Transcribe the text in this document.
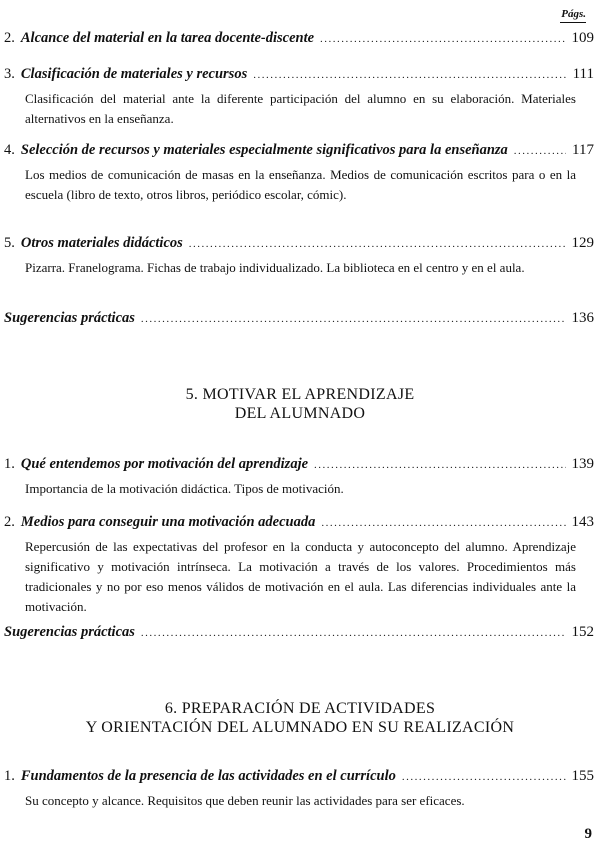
Págs.
2. Alcance del material en la tarea docente-discente .....	109
3. Clasificación de materiales y recursos .....	111
Clasificación del material ante la diferente participación del alumno en su elaboración. Materiales alternativos en la enseñanza.
4. Selección de recursos y materiales especialmente significativos para la enseñanza .....	117
Los medios de comunicación de masas en la enseñanza. Medios de comunicación escritos para o en la escuela (libro de texto, otros libros, periódico escolar, cómic).
5. Otros materiales didácticos .....	129
Pizarra. Franelograma. Fichas de trabajo individualizado. La biblioteca en el centro y en el aula.
Sugerencias prácticas .....	136
5. MOTIVAR EL APRENDIZAJE
DEL ALUMNADO
1. Qué entendemos por motivación del aprendizaje .....	139
Importancia de la motivación didáctica. Tipos de motivación.
2. Medios para conseguir una motivación adecuada .....	143
Repercusión de las expectativas del profesor en la conducta y autoconcepto del alumno. Aprendizaje significativo y motivación intrínseca. La motivación a través de los valores. Procedimientos más tradicionales y no por eso menos válidos de motivación en el aula. Las diferencias individuales ante la motivación.
Sugerencias prácticas .....	152
6. PREPARACIÓN DE ACTIVIDADES
Y ORIENTACIÓN DEL ALUMNADO EN SU REALIZACIÓN
1. Fundamentos de la presencia de las actividades en el currículo .....	155
Su concepto y alcance. Requisitos que deben reunir las actividades para ser eficaces.
9
